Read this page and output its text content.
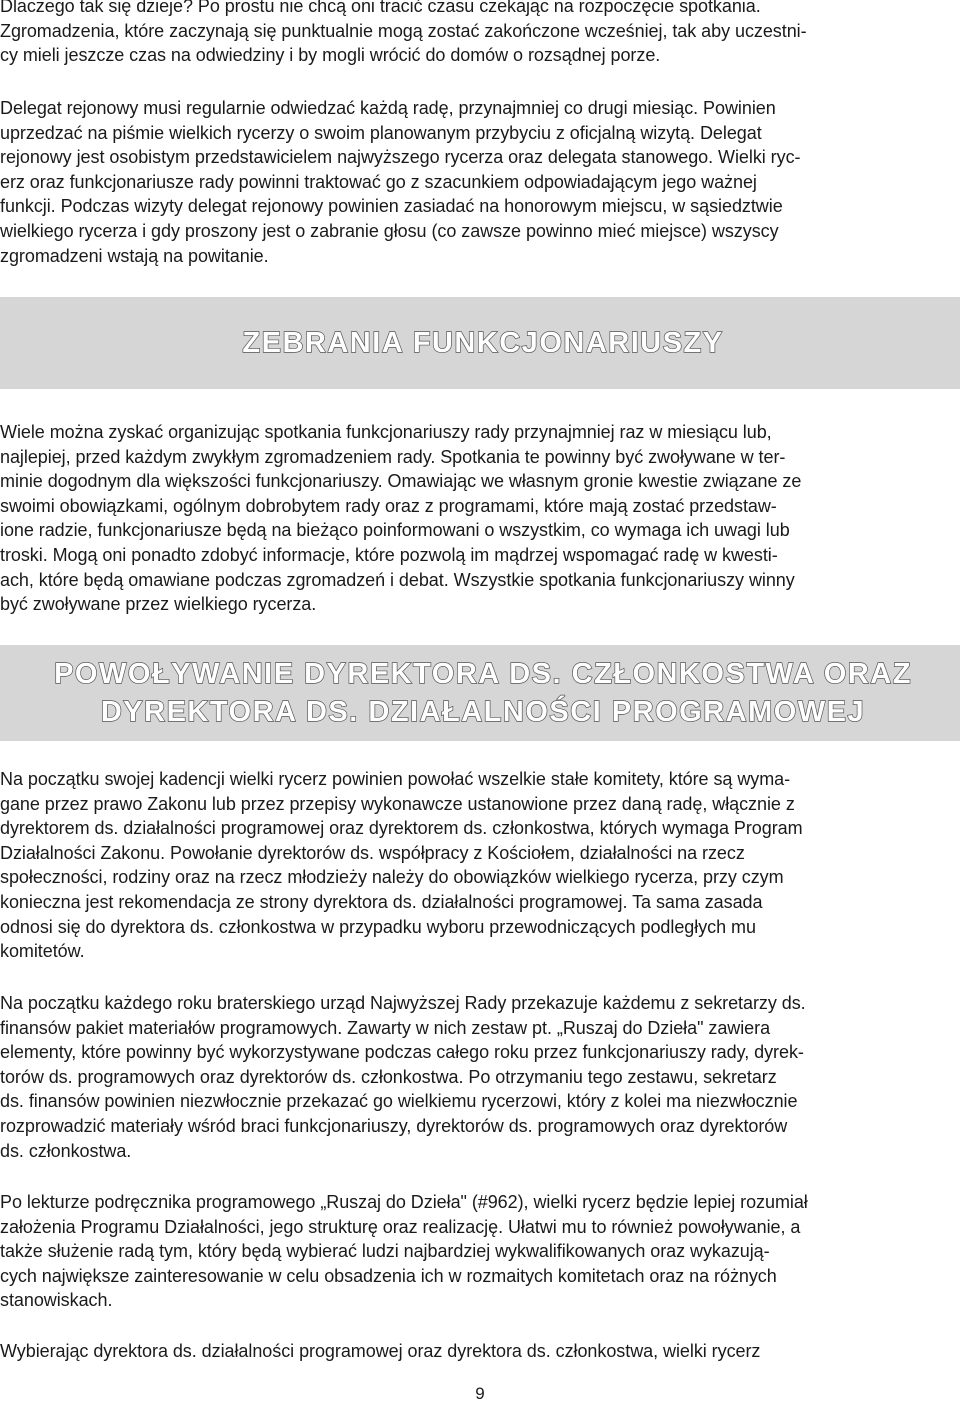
Dlaczego tak się dzieje? Po prostu nie chcą oni tracić czasu czekając na rozpoczęcie spotkania.
Zgromadzenia, które zaczynają się punktualnie mogą zostać zakończone wcześniej, tak aby uczestni-
cy mieli jeszcze czas na odwiedziny i by mogli wrócić do domów o rozsądnej porze.

Delegat rejonowy musi regularnie odwiedzać każdą radę, przynajmniej co drugi miesiąc. Powinien
uprzedzać na piśmie wielkich rycerzy o swoim planowanym przybyciu z oficjalną wizytą. Delegat
rejonowy jest osobistym przedstawicielem najwyższego rycerza oraz delegata stanowego. Wielki ryc-
erz oraz funkcjonariusze rady powinni traktować go z szacunkiem odpowiadającym jego ważnej
funkcji. Podczas wizyty delegat rejonowy powinien zasiadać na honorowym miejscu, w sąsiedztwie
wielkiego rycerza i gdy proszony jest o zabranie głosu (co zawsze powinno mieć miejsce) wszyscy
zgromadzeni wstają na powitanie.

ZEBRANIA FUNKCJONARIUSZY

Wiele można zyskać organizując spotkania funkcjonariuszy rady przynajmniej raz w miesiącu lub,
najlepiej, przed każdym zwykłym zgromadzeniem rady. Spotkania te powinny być zwoływane w ter-
minie dogodnym dla większości funkcjonariuszy. Omawiając we własnym gronie kwestie związane ze
swoimi obowiązkami, ogólnym dobrobytem rady oraz z programami, które mają zostać przedstaw-
ione radzie, funkcjonariusze będą na bieżąco poinformowani o wszystkim, co wymaga ich uwagi lub
troski. Mogą oni ponadto zdobyć informacje, które pozwolą im mądrzej wspomagać radę w kwesti-
ach, które będą omawiane podczas zgromadzeń i debat. Wszystkie spotkania funkcjonariuszy winny
być zwoływane przez wielkiego rycerza.

POWOŁYWANIE DYREKTORA DS. CZŁONKOSTWA ORAZ
DYREKTORA DS. DZIAŁALNOŚCI PROGRAMOWEJ

Na początku swojej kadencji wielki rycerz powinien powołać wszelkie stałe komitety, które są wyma-
gane przez prawo Zakonu lub przez przepisy wykonawcze ustanowione przez daną radę, włącznie z
dyrektorem ds. działalności programowej oraz dyrektorem ds. członkostwa, których wymaga Program
Działalności Zakonu. Powołanie dyrektorów ds. współpracy z Kościołem, działalności na rzecz
społeczności, rodziny oraz na rzecz młodzieży należy do obowiązków wielkiego rycerza, przy czym
konieczna jest rekomendacja ze strony dyrektora ds. działalności programowej. Ta sama zasada
odnosi się do dyrektora ds. członkostwa w przypadku wyboru przewodniczących podległych mu
komitetów.

Na początku każdego roku braterskiego urząd Najwyższej Rady przekazuje każdemu z sekretarzy ds.
finansów pakiet materiałów programowych. Zawarty w nich zestaw pt. „Ruszaj do Dzieła" zawiera
elementy, które powinny być wykorzystywane podczas całego roku przez funkcjonariuszy rady, dyrek-
torów ds. programowych oraz dyrektorów ds. członkostwa. Po otrzymaniu tego zestawu, sekretarz
ds. finansów powinien niezwłocznie przekazać go wielkiemu rycerzowi, który z kolei ma niezwłocznie
rozprowadzić materiały wśród braci funkcjonariuszy, dyrektorów ds. programowych oraz dyrektorów
ds. członkostwa.

Po lekturze podręcznika programowego „Ruszaj do Dzieła" (#962), wielki rycerz będzie lepiej rozumiał
założenia Programu Działalności, jego strukturę oraz realizację. Ułatwi mu to również powoływanie, a
także służenie radą tym, który będą wybierać ludzi najbardziej wykwalifikowanych oraz wykazują-
cych największe zainteresowanie w celu obsadzenia ich w rozmaitych komitetach oraz na różnych
stanowiskach.

Wybierając dyrektora ds. działalności programowej oraz dyrektora ds. członkostwa, wielki rycerz

9
